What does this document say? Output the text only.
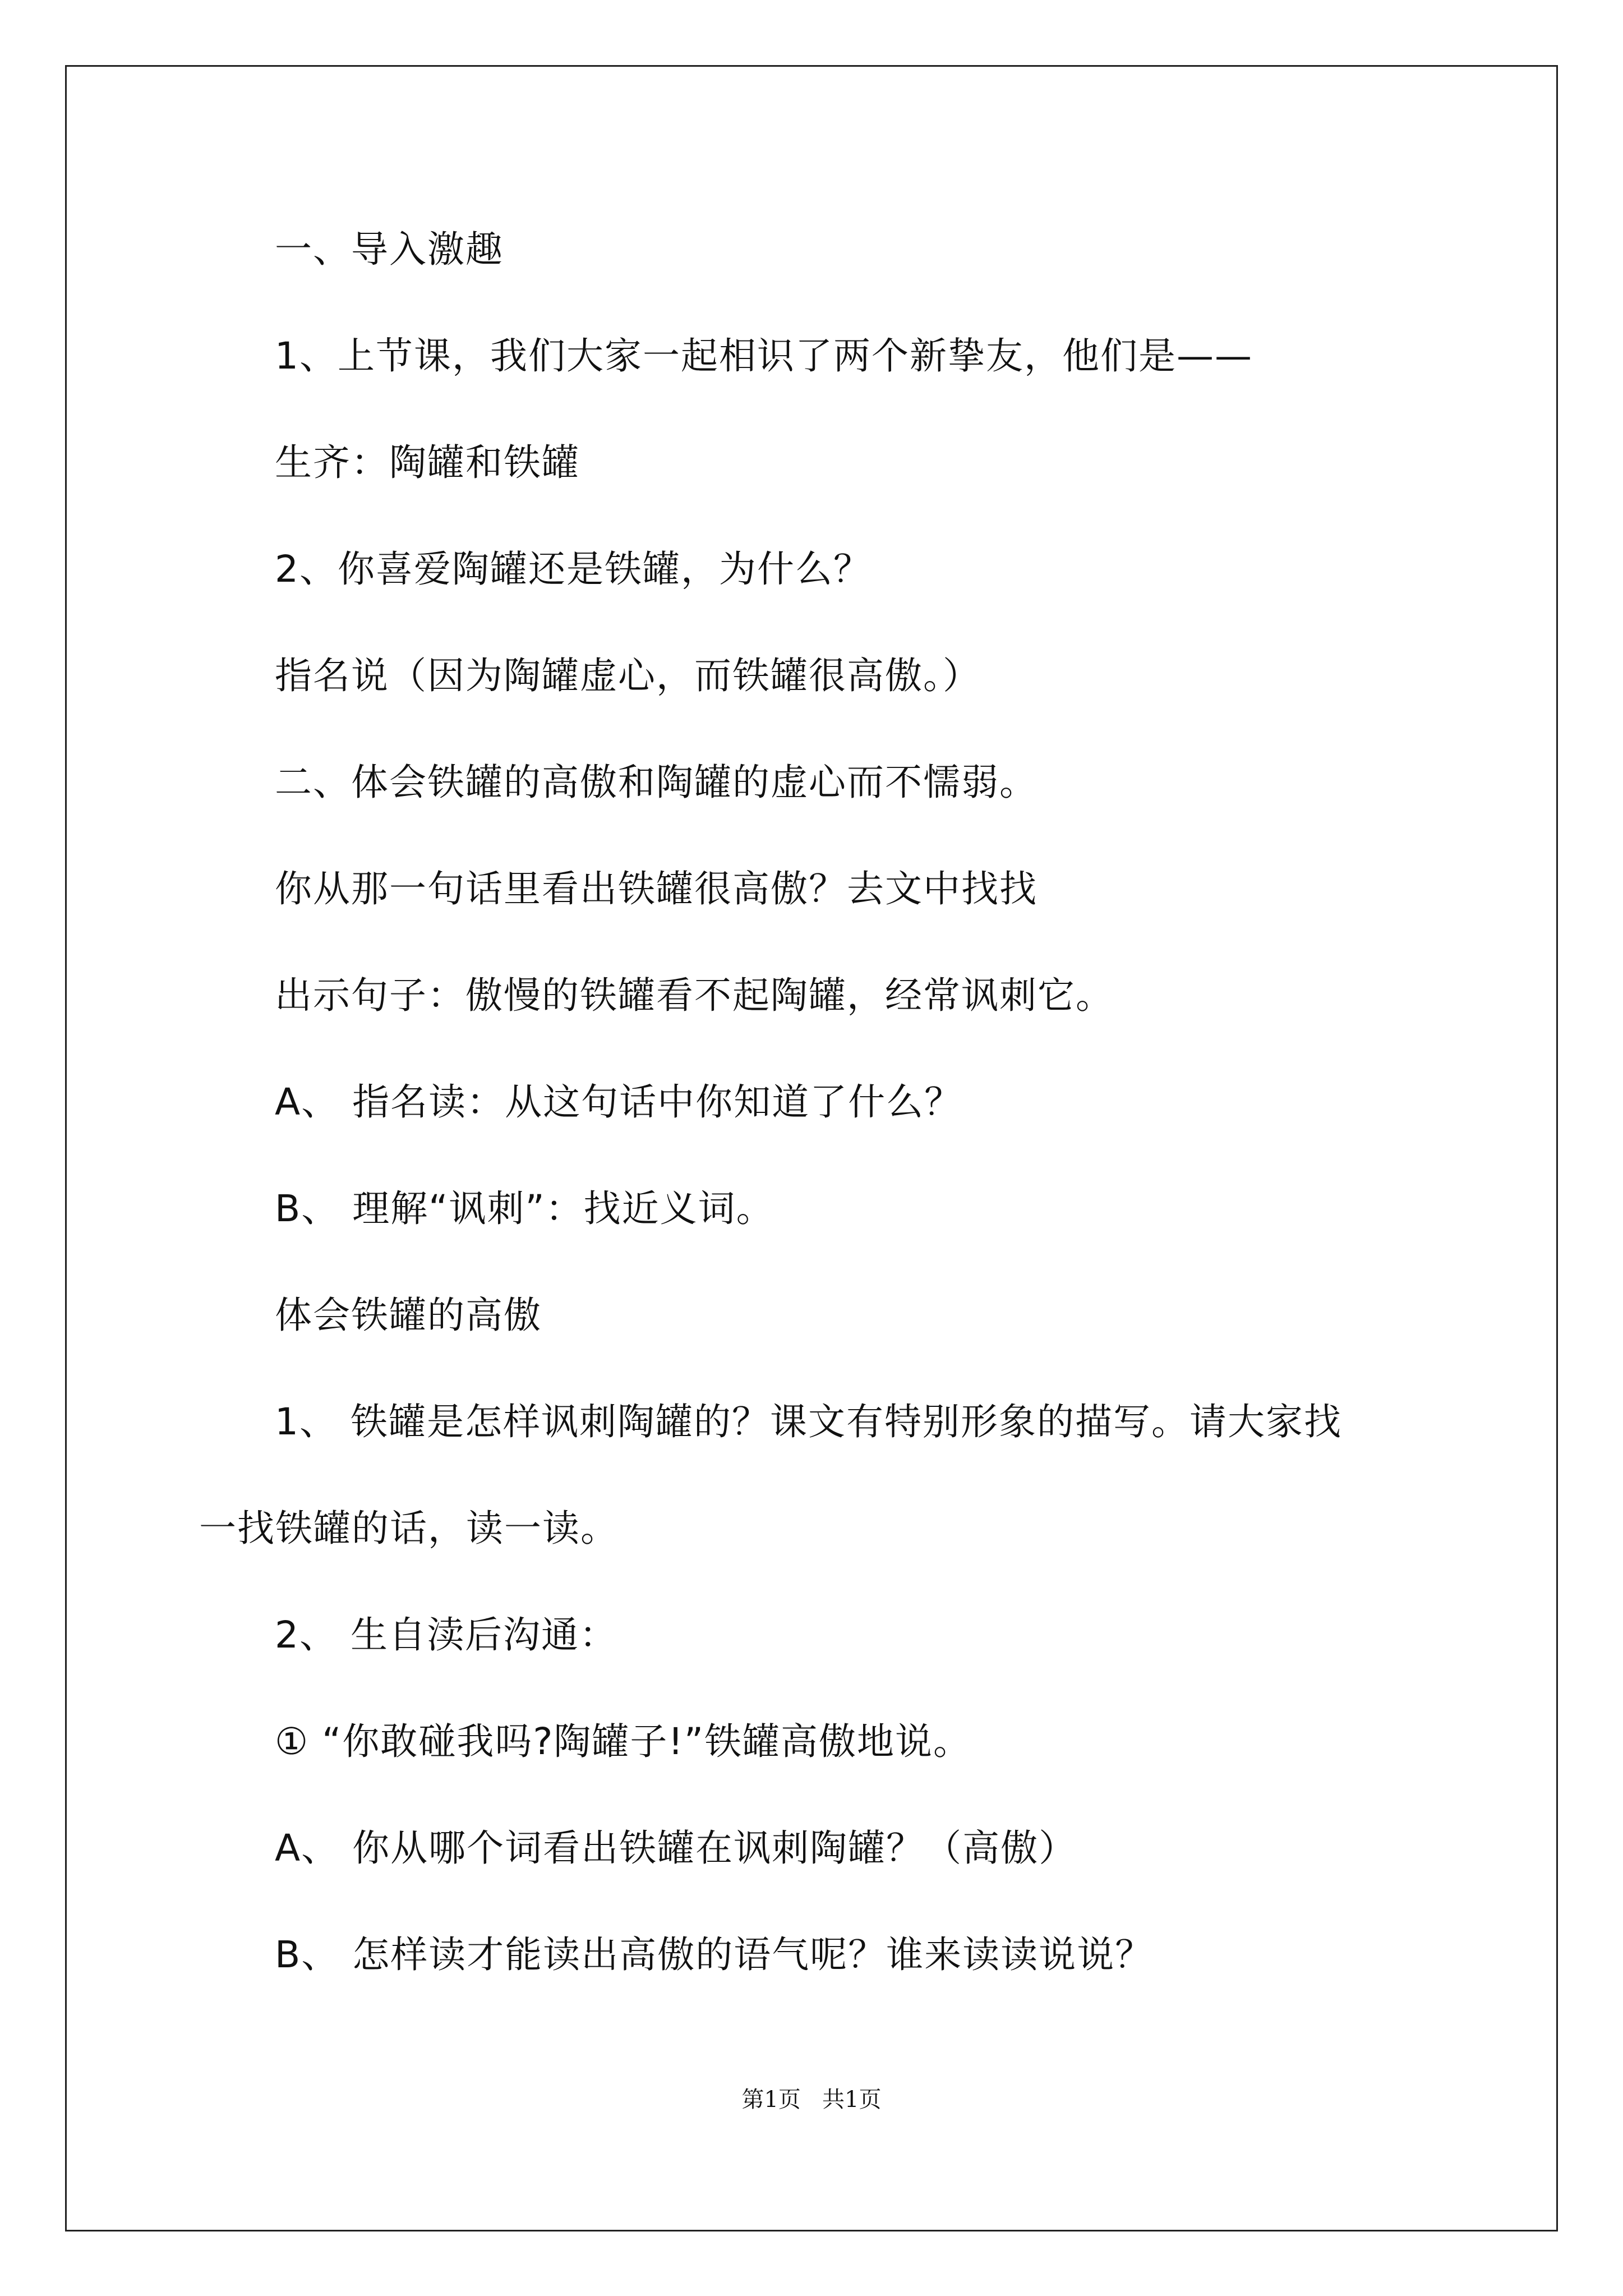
一、导入激趣
1、上节课，我们大家一起相识了两个新挚友，他们是——
生齐：陶罐和铁罐
2、你喜爱陶罐还是铁罐，为什么？
指名说（因为陶罐虚心，而铁罐很高傲。）
二、体会铁罐的高傲和陶罐的虚心而不懦弱。
你从那一句话里看出铁罐很高傲？去文中找找
出示句子：傲慢的铁罐看不起陶罐，经常讽刺它。
A、 指名读：从这句话中你知道了什么？
B、 理解“讽刺”：找近义词。
体会铁罐的高傲
1、 铁罐是怎样讽刺陶罐的？课文有特别形象的描写。请大家找
一找铁罐的话，读一读。
2、 生自渎后沟通：
① “你敢碰我吗?陶罐子!”铁罐高傲地说。
A、 你从哪个词看出铁罐在讽刺陶罐？（高傲）
B、 怎样读才能读出高傲的语气呢？谁来读读说说？
第1页   共1页
